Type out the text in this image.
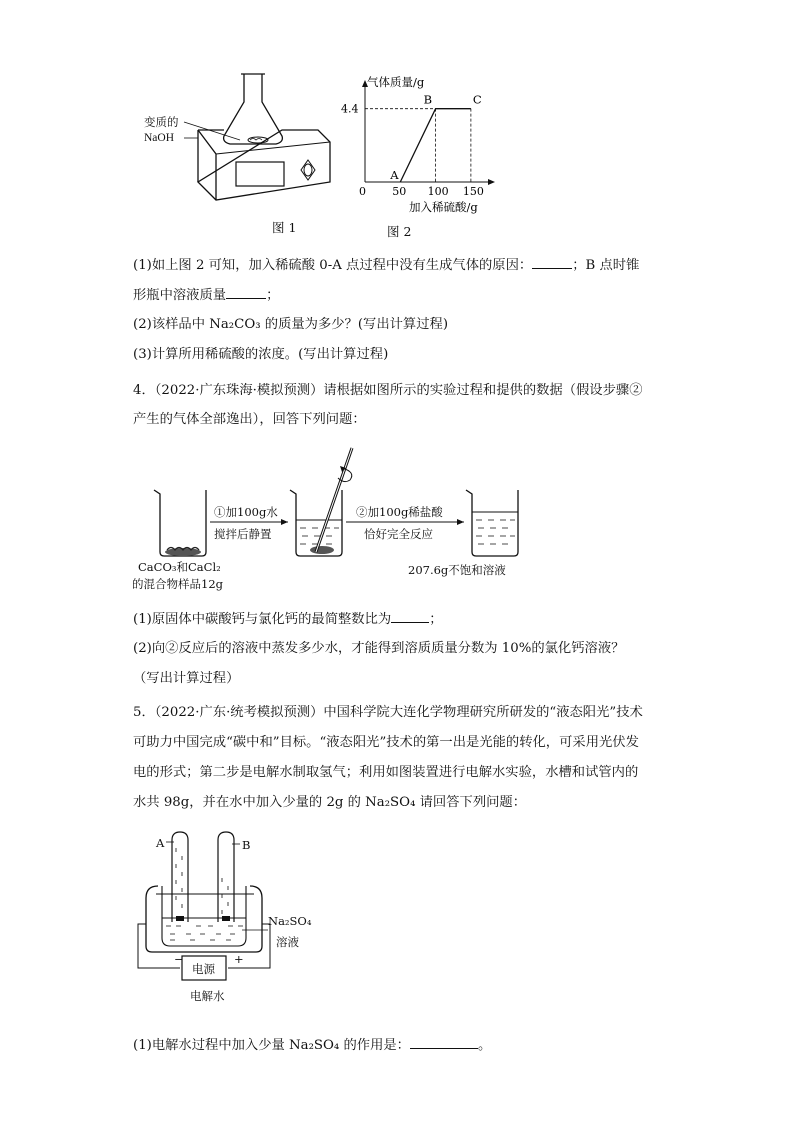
变质的
NaOH
图 1
气体质量/g
加入稀硫酸/g
0 50 100 150
4.4
A
B	C
图 2
(1)如上图 2 可知，加入稀硫酸 0-A 点过程中没有生成气体的原因：	；B 点时锥
形瓶中溶液质量	；
(2)该样品中 Na₂CO₃ 的质量为多少？(写出计算过程)
(3)计算所用稀硫酸的浓度。(写出计算过程)
4．（2022·广东珠海·模拟预测）请根据如图所示的实验过程和提供的数据（假设步骤②
产生的气体全部逸出），回答下列问题：
①加100g水
搅拌后静置
②加100g稀盐酸
恰好完全反应
CaCO₃和CaCl₂
的混合物样品12g
207.6g不饱和溶液
(1)原固体中碳酸钙与氯化钙的最简整数比为	；
(2)向②反应后的溶液中蒸发多少水，才能得到溶质质量分数为 10%的氯化钙溶液？
（写出计算过程）
5．（2022·广东·统考模拟预测）中国科学院大连化学物理研究所研发的“液态阳光”技术
可助力中国完成“碳中和”目标。“液态阳光”技术的第一出是光能的转化，可采用光伏发
电的形式；第二步是电解水制取氢气；利用如图装置进行电解水实验，水槽和试管内的
水共 98g，并在水中加入少量的 2g 的 Na₂SO₄ 请回答下列问题：
A	B
Na₂SO₄
溶液
−	+
电源
电解水
(1)电解水过程中加入少量 Na₂SO₄ 的作用是：	。
